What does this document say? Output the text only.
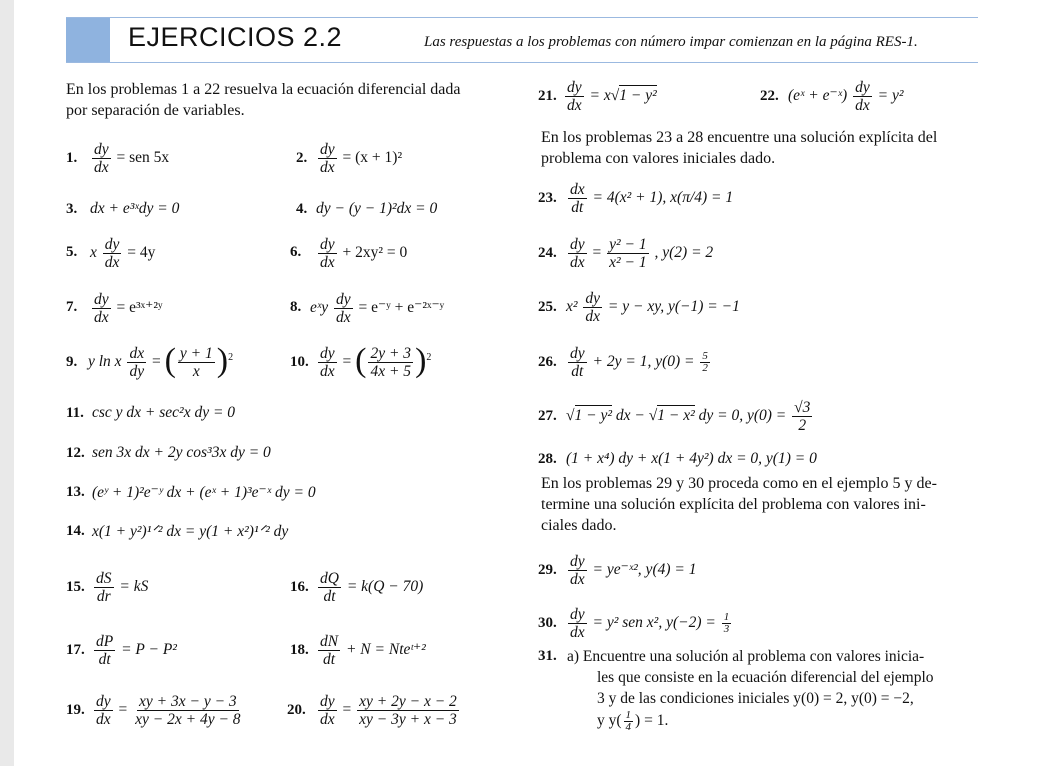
EJERCICIOS 2.2	Las respuestas a los problemas con número impar comienzan en la página RES-1.
En los problemas 1 a 22 resuelva la ecuación diferencial dada
por separación de variables.
1. $\frac{dy}{dx}$ = sen 5x	2. $\frac{dy}{dx} = (x + 1)^2$
3. dx + e³ˣdy = 0	4. dy − (y − 1)²dx = 0
5. x $\frac{dy}{dx} = 4y$	6. $\frac{dy}{dx} + 2xy^2 = 0$
7. $\frac{dy}{dx}$ = e³ˣ⁺²ʸ	8. eˣy $\frac{dy}{dx}$ = e⁻ʸ + e⁻²ˣ⁻ʸ
9. y ln x $\frac{dx}{dy}$ = ( $\frac{y + 1}{x} )^2$	10. $\frac{dy}{dx}$ = ( $\frac{2y + 3}{4x + 5} )^2$
11. csc y dx + sec²x dy = 0
12. sen 3x dx + 2y cos³3x dy = 0
13. (eʸ + 1)²e⁻ʸ dx + (eˣ + 1)³e⁻ˣ dy = 0
14. x(1 + y²)¹ᐟ² dx = y(1 + x²)¹ᐟ² dy
15. $\frac{dS}{dr}$ = kS	16. $\frac{dQ}{dt} = k(Q - 70)$
17. $\frac{dP}{dt} = P - P^2$	18. $\frac{dN}{dt} + N$ = Nteᵗ⁺²
19. $\frac{dy}{dx} = \frac{xy + 3x - y - 3}{xy - 2x + 4y - 8}$	20. $\frac{dy}{dx} = \frac{xy + 2y - x - 2}{xy - 3y + x - 3}$
21. $\frac{dy}{dx} = x√1 - y^2$	22. (eˣ + e⁻ˣ) $\frac{dy}{dx} = y^2$
En los problemas 23 a 28 encuentre una solución explícita del
problema con valores iniciales dado.
23. $\frac{dx}{dt} = 4(x^2 + 1)$, x(π/4) = 1
24. $\frac{dy}{dx} = \frac{\text{y² − 1}}{\text{x² − 1}}$ , y(2) = 2
25. $x^2 \frac{dy}{dx} = y$ − xy, y(−1) = −1
26. $\frac{dy}{dt} + 2y = 1$, $y(0) = \frac{5}{2}$
27. √1 − y² dx − √1 − x² dy = 0, $y(0) = \frac{√3}{2}$
28. (1 + x⁴) dy + x(1 + 4y²) dx = 0, y(1) = 0
En los problemas 29 y 30 proceda como en el ejemplo 5 y de-
termine una solución explícita del problema con valores ini-
ciales dado.
29. $\frac{dy}{dx}$ = ye⁻ˣ², y(4) = 1
30. $\frac{dy}{dx} = y^2$ sen x², $y(-2) = \frac{1}{3}$
31. a) Encuentre una solución al problema con valores inicia-
les que consiste en la ecuación diferencial del ejemplo
3 y de las condiciones iniciales y(0) = 2, y(0) = −2,
y $y( \frac{1}{4}$ ) = 1.
